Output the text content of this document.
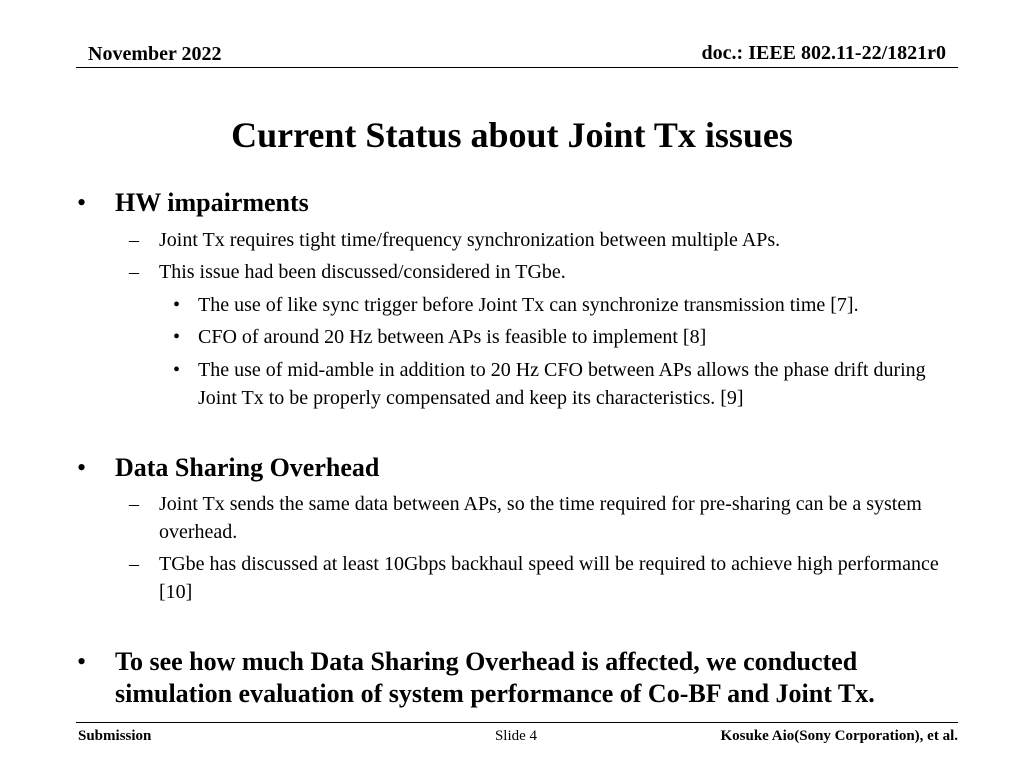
November 2022	doc.: IEEE 802.11-22/1821r0
Current Status about Joint Tx issues
• HW impairments
– Joint Tx requires tight time/frequency synchronization between multiple APs.
– This issue had been discussed/considered in TGbe.
• The use of like sync trigger before Joint Tx can synchronize transmission time [7].
• CFO of around 20 Hz between APs is feasible to implement [8]
• The use of mid-amble in addition to 20 Hz CFO between APs allows the phase drift during Joint Tx to be properly compensated and keep its characteristics. [9]
• Data Sharing Overhead
– Joint Tx sends the same data between APs, so the time required for pre-sharing can be a system overhead.
– TGbe has discussed at least 10Gbps backhaul speed will be required to achieve high performance [10]
• To see how much Data Sharing Overhead is affected, we conducted simulation evaluation of system performance of Co-BF and Joint Tx.
Submission	Slide 4	Kosuke Aio(Sony Corporation), et al.
